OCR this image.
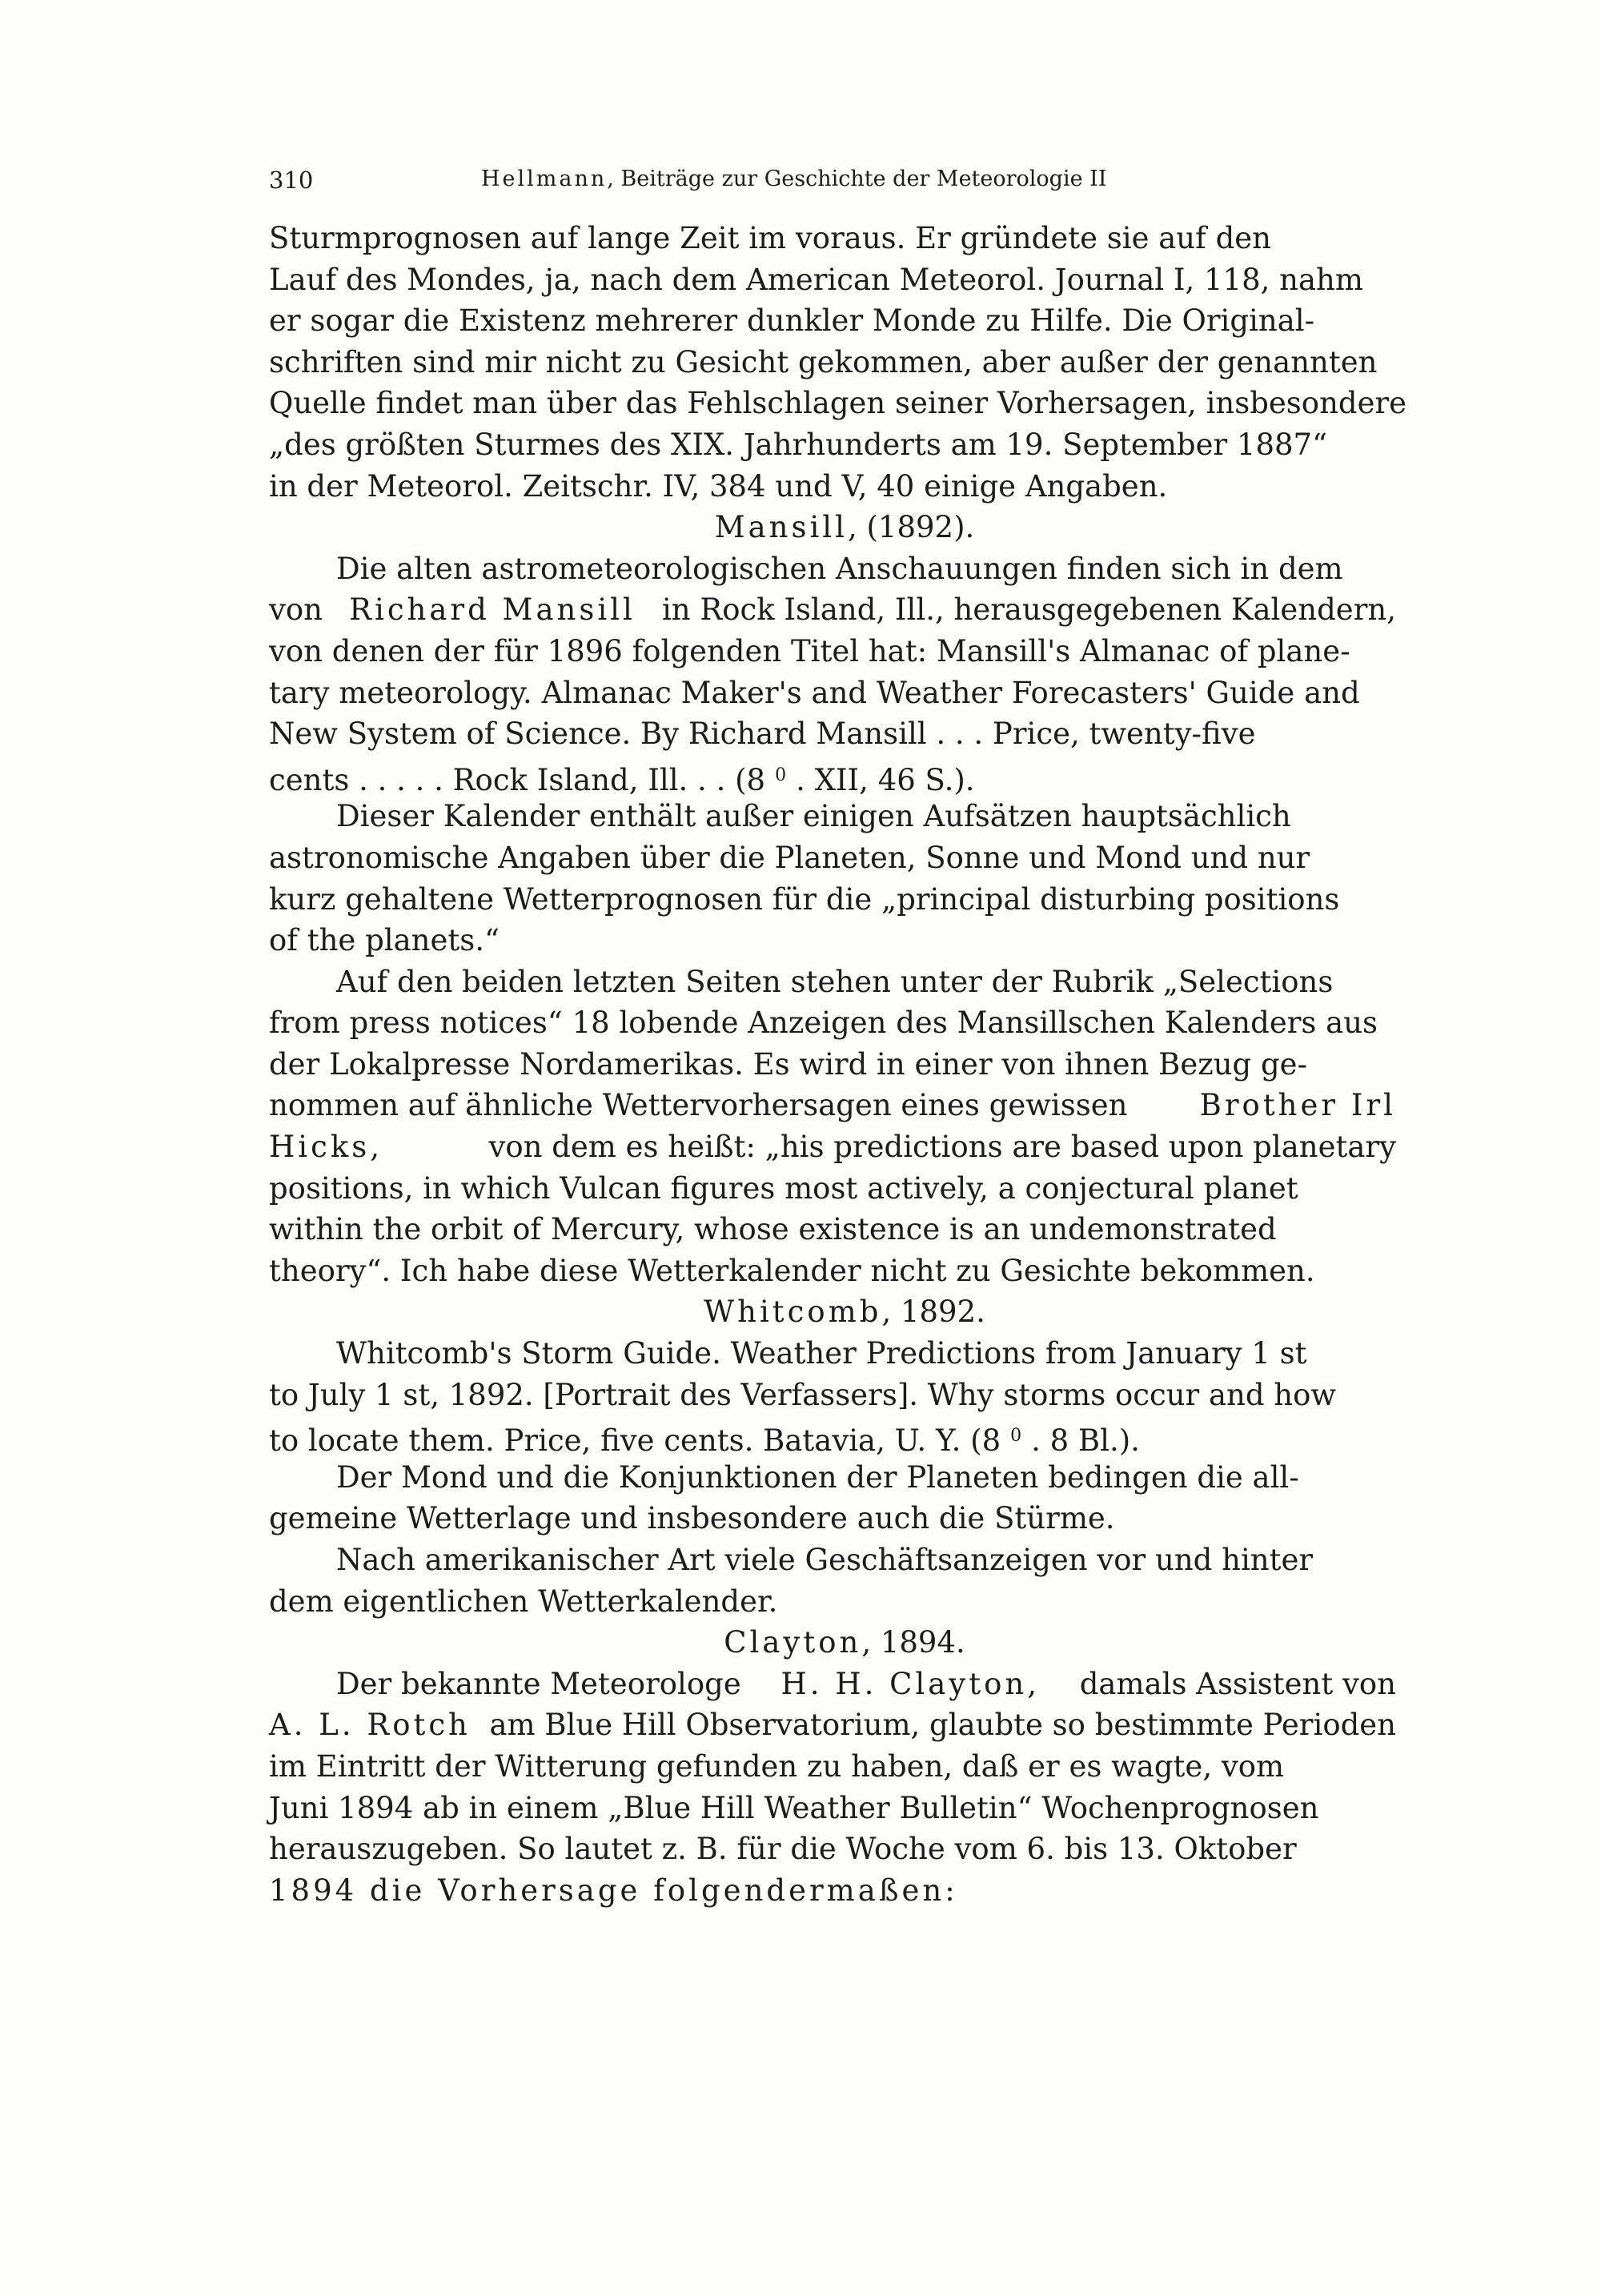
310	Hellmann, Beiträge zur Geschichte der Meteorologie II
Sturmprognosen auf lange Zeit im voraus. Er gründete sie auf den
Lauf des Mondes, ja, nach dem American Meteorol. Journal I, 118, nahm
er sogar die Existenz mehrerer dunkler Monde zu Hilfe. Die Original-
schriften sind mir nicht zu Gesicht gekommen, aber außer der genannten
Quelle findet man über das Fehlschlagen seiner Vorhersagen, insbesondere
„des größten Sturmes des XIX. Jahrhunderts am 19. September 1887“
in der Meteorol. Zeitschr. IV, 384 und V, 40 einige Angaben.
Mansill, (1892).
Die alten astrometeorologischen Anschauungen finden sich in dem
von Richard Mansill in Rock Island, Ill., herausgegebenen Kalendern,
von denen der für 1896 folgenden Titel hat: Mansill's Almanac of plane-
tary meteorology. Almanac Maker's and Weather Forecasters' Guide and
New System of Science. By Richard Mansill . . . Price, twenty-five
cents . . . . . Rock Island, Ill. . . (8 0 . XII, 46 S.).
Dieser Kalender enthält außer einigen Aufsätzen hauptsächlich
astronomische Angaben über die Planeten, Sonne und Mond und nur
kurz gehaltene Wetterprognosen für die „principal disturbing positions
of the planets.“
Auf den beiden letzten Seiten stehen unter der Rubrik „Selections
from press notices“ 18 lobende Anzeigen des Mansillschen Kalenders aus
der Lokalpresse Nordamerikas. Es wird in einer von ihnen Bezug ge-
nommen auf ähnliche Wettervorhersagen eines gewissen Brother Irl
Hicks,	von dem es heißt: „his predictions are based upon planetary
positions, in which Vulcan figures most actively, a conjectural planet
within the orbit of Mercury, whose existence is an undemonstrated
theory“. Ich habe diese Wetterkalender nicht zu Gesichte bekommen.
Whitcomb, 1892.
Whitcomb's Storm Guide. Weather Predictions from January 1 st
to July 1 st, 1892. [Portrait des Verfassers]. Why storms occur and how
to locate them. Price, five cents. Batavia, U. Y. (8 0 . 8 Bl.).
Der Mond und die Konjunktionen der Planeten bedingen die all-
gemeine Wetterlage und insbesondere auch die Stürme.
Nach amerikanischer Art viele Geschäftsanzeigen vor und hinter
dem eigentlichen Wetterkalender.
Clayton, 1894.
Der bekannte Meteorologe H. H. Clayton, damals Assistent von
A. L. Rotch am Blue Hill Observatorium, glaubte so bestimmte Perioden
im Eintritt der Witterung gefunden zu haben, daß er es wagte, vom
Juni 1894 ab in einem „Blue Hill Weather Bulletin“ Wochenprognosen
herauszugeben. So lautet z. B. für die Woche vom 6. bis 13. Oktober
1894 die Vorhersage folgendermaßen:
